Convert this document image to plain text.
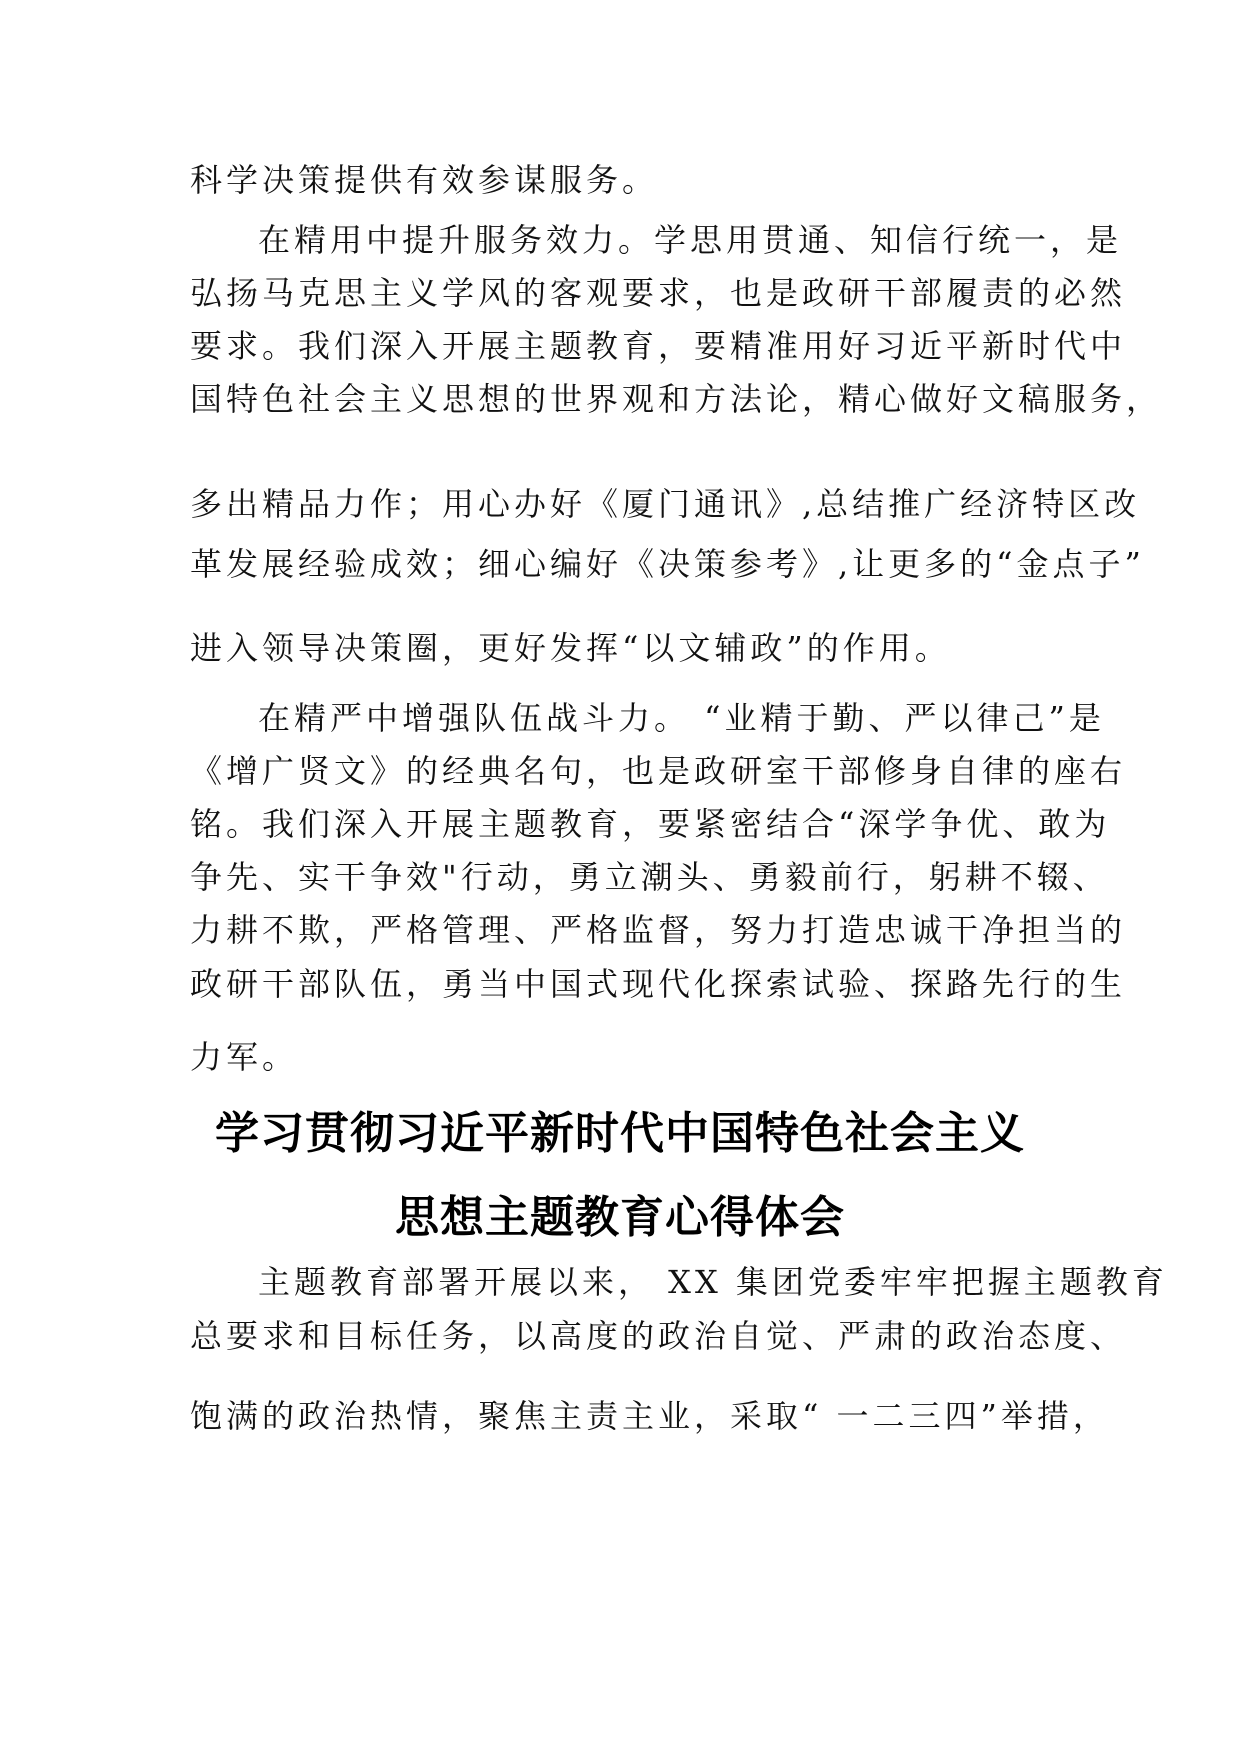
科学决策提供有效参谋服务。
在精用中提升服务效力。学思用贯通、知信行统一，是
弘扬马克思主义学风的客观要求，也是政研干部履责的必然
要求。我们深入开展主题教育，要精准用好习近平新时代中
国特色社会主义思想的世界观和方法论，精心做好文稿服务，
多出精品力作；用心办好《厦门通讯》,总结推广经济特区改
革发展经验成效；细心编好《决策参考》,让更多的“金点子”
进入领导决策圈，更好发挥“以文辅政”的作用。
在精严中增强队伍战斗力。 “业精于勤、严以律己”是
《增广贤文》的经典名句，也是政研室干部修身自律的座右
铭。我们深入开展主题教育，要紧密结合“深学争优、敢为
争先、实干争效"行动，勇立潮头、勇毅前行，躬耕不辍、
力耕不欺，严格管理、严格监督，努力打造忠诚干净担当的
政研干部队伍，勇当中国式现代化探索试验、探路先行的生
力军。
学习贯彻习近平新时代中国特色社会主义
思想主题教育心得体会
主题教育部署开展以来， XX 集团党委牢牢把握主题教育
总要求和目标任务，以高度的政治自觉、严肃的政治态度、
饱满的政治热情，聚焦主责主业，采取“ 一二三四”举措，
